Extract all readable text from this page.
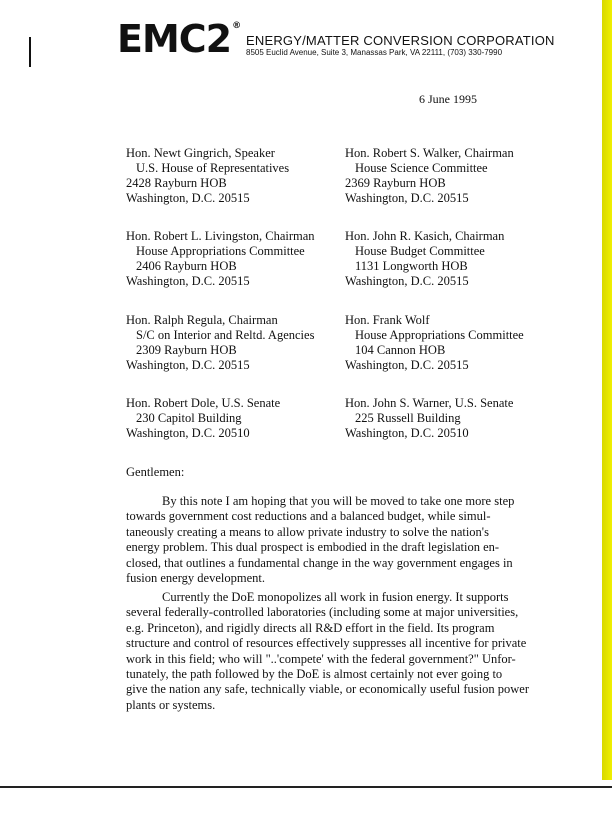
EMC2®
ENERGY/MATTER CONVERSION CORPORATION
8505 Euclid Avenue, Suite 3, Manassas Park, VA 22111, (703) 330-7990
6 June 1995
Hon. Newt Gingrich, Speaker
U.S. House of Representatives
2428 Rayburn HOB
Washington, D.C. 20515
Hon. Robert S. Walker, Chairman
House Science Committee
2369 Rayburn HOB
Washington, D.C. 20515
Hon. Robert L. Livingston, Chairman
House Appropriations Committee
2406 Rayburn HOB
Washington, D.C. 20515
Hon. John R. Kasich, Chairman
House Budget Committee
1131 Longworth HOB
Washington, D.C. 20515
Hon. Ralph Regula, Chairman
S/C on Interior and Reltd. Agencies
2309 Rayburn HOB
Washington, D.C. 20515
Hon. Frank Wolf
House Appropriations Committee
104 Cannon HOB
Washington, D.C. 20515
Hon. Robert Dole, U.S. Senate
230 Capitol Building
Washington, D.C. 20510
Hon. John S. Warner, U.S. Senate
225 Russell Building
Washington, D.C. 20510
Gentlemen:
By this note I am hoping that you will be moved to take one more step
towards government cost reductions and a balanced budget, while simul-
taneously creating a means to allow private industry to solve the nation's
energy problem. This dual prospect is embodied in the draft legislation en-
closed, that outlines a fundamental change in the way government engages in
fusion energy development.
Currently the DoE monopolizes all work in fusion energy. It supports
several federally-controlled laboratories (including some at major universities,
e.g. Princeton), and rigidly directs all R&D effort in the field. Its program
structure and control of resources effectively suppresses all incentive for private
work in this field; who will "..'compete' with the federal government?" Unfor-
tunately, the path followed by the DoE is almost certainly not ever going to
give the nation any safe, technically viable, or economically useful fusion power
plants or systems.
